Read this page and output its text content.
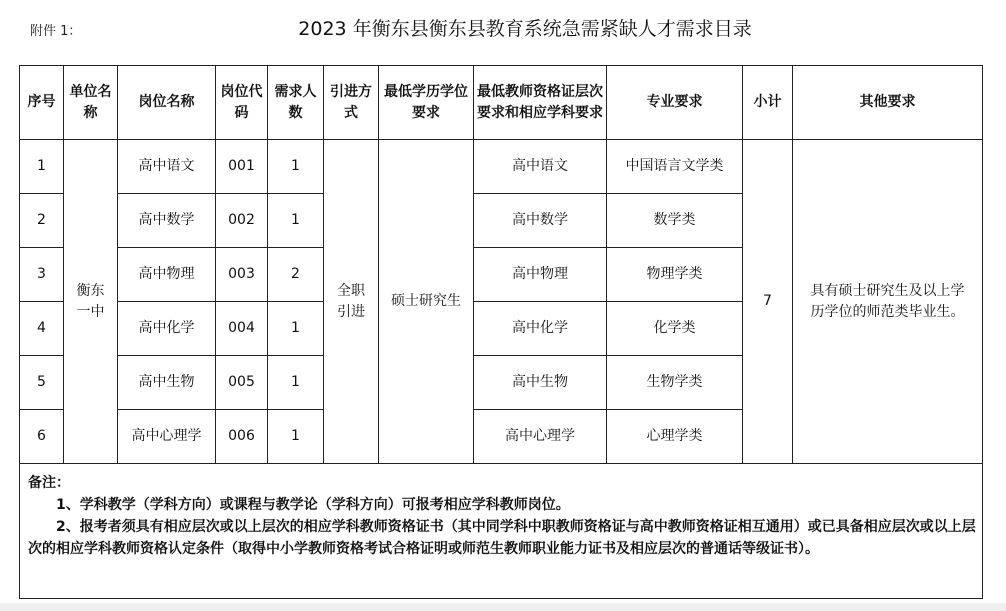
附件 1：	2023 年衡东县衡东县教育系统急需紧缺人才需求目录
序号	单位名称	岗位名称	岗位代码	需求人数	引进方式	最低学历学位要求	最低教师资格证层次要求和相应学科要求	专业要求	小计	其他要求
1	衡东一中	高中语文	001	1	全职引进	硕士研究生	高中语文	中国语言文学类	7	具有硕士研究生及以上学历学位的师范类毕业生。
2		高中数学	002	1			高中数学	数学类		
3		高中物理	003	2			高中物理	物理学类		
4		高中化学	004	1			高中化学	化学类		
5		高中生物	005	1			高中生物	生物学类		
6		高中心理学	006	1			高中心理学	心理学类		

备注：
1、学科教学（学科方向）或课程与教学论（学科方向）可报考相应学科教师岗位。
2、报考者须具有相应层次或以上层次的相应学科教师资格证书（其中同学科中职教师资格证与高中教师资格证相互通用）或已具备相应层次或以上层次的相应学科教师资格认定条件（取得中小学教师资格考试合格证明或师范生教师职业能力证书及相应层次的普通话等级证书）。										
